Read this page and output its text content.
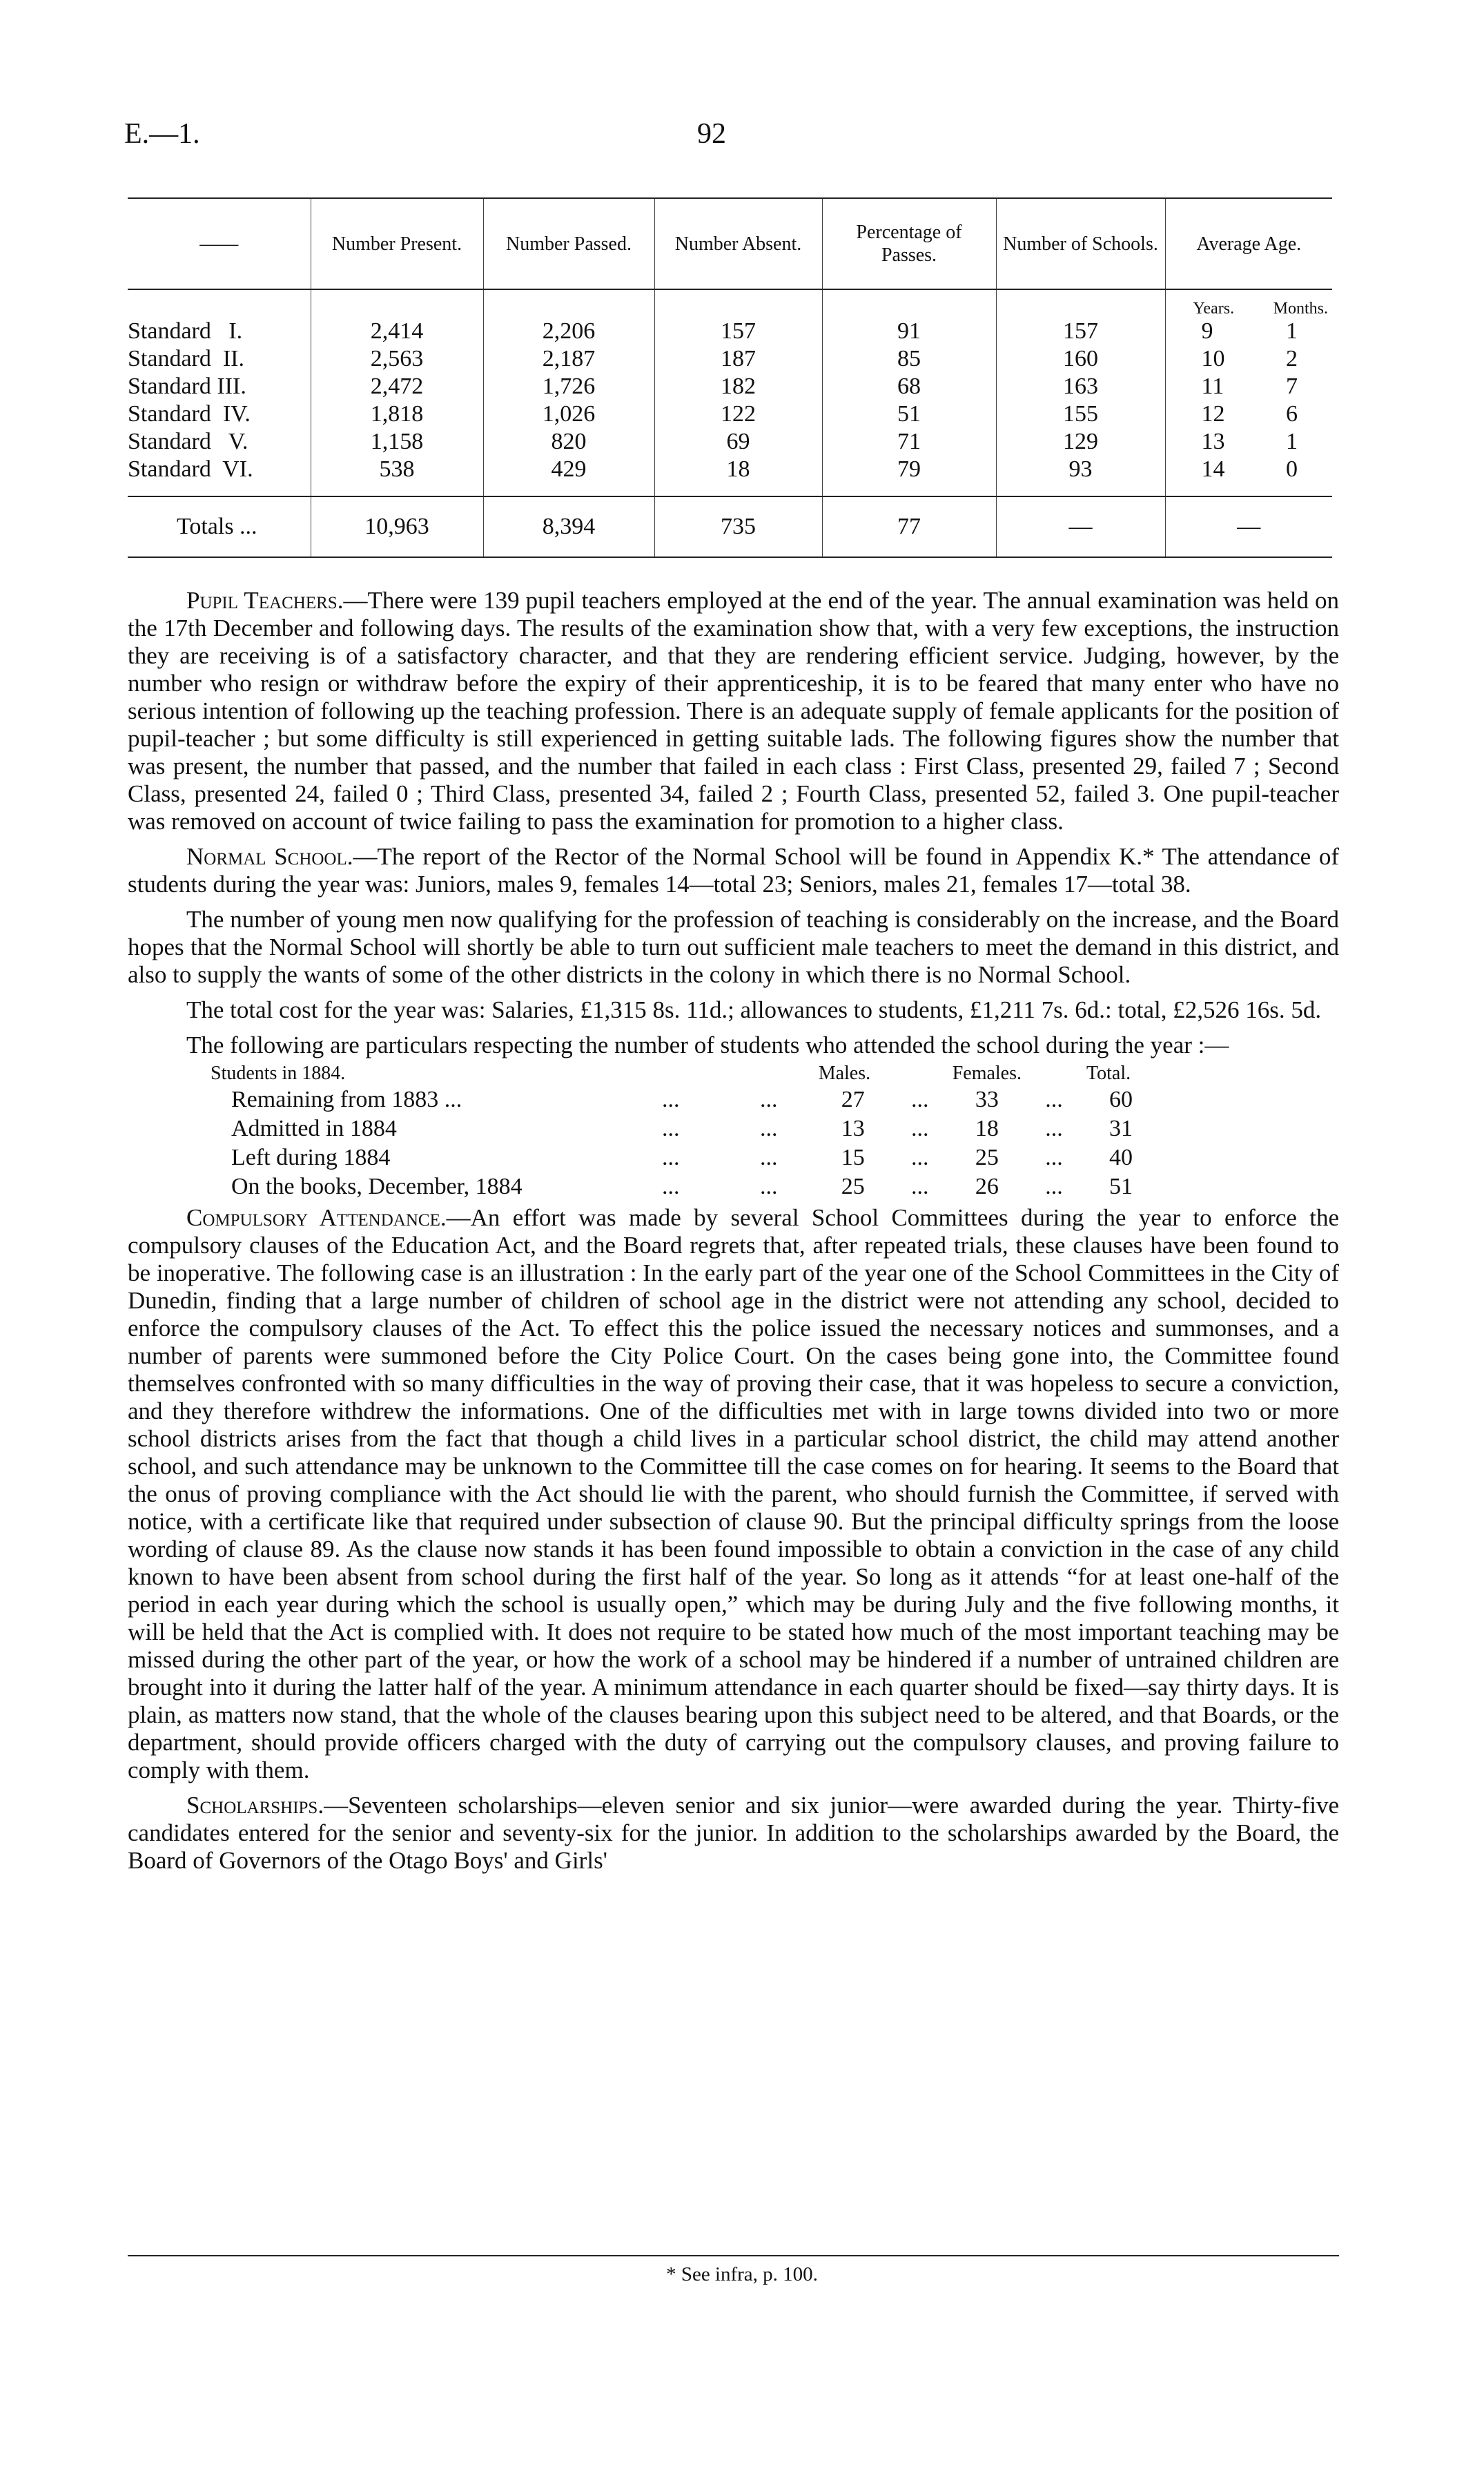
E.—1.	92
——	Number Present.	Number Passed.	Number Absent.	Percentage of Passes.	Number of Schools.	Average Age.

						Years. Months.

Standard   I.	2,414	2,206	157	91	157	9 1

Standard  II.	2,563	2,187	187	85	160	10 2

Standard III.	2,472	1,726	182	68	163	11 7

Standard  IV.	1,818	1,026	122	51	155	12 6

Standard   V.	1,158	820	69	71	129	13 1

Standard  VI.	538	429	18	79	93	14 0

Totals ...	10,963	8,394	735	77	—	—

Pupil Teachers.—There were 139 pupil teachers employed at the end of the year. The annual examination was held on the 17th December and following days. The results of the examination show that, with a very few exceptions, the instruction they are receiving is of a satisfactory character, and that they are rendering efficient service. Judging, however, by the number who resign or withdraw before the expiry of their apprenticeship, it is to be feared that many enter who have no serious intention of following up the teaching profession. There is an adequate supply of female applicants for the position of pupil-teacher ; but some difficulty is still experienced in getting suitable lads. The following figures show the number that was present, the number that passed, and the number that failed in each class : First Class, presented 29, failed 7 ; Second Class, presented 24, failed 0 ; Third Class, presented 34, failed 2 ; Fourth Class, presented 52, failed 3. One pupil-teacher was removed on account of twice failing to pass the examination for promotion to a higher class.

Normal School.—The report of the Rector of the Normal School will be found in Appendix K.* The attendance of students during the year was: Juniors, males 9, females 14—total 23; Seniors, males 21, females 17—total 38.

The number of young men now qualifying for the profession of teaching is considerably on the increase, and the Board hopes that the Normal School will shortly be able to turn out sufficient male teachers to meet the demand in this district, and also to supply the wants of some of the other districts in the colony in which there is no Normal School.

The total cost for the year was: Salaries, £1,315 8s. 11d.; allowances to students, £1,211 7s. 6d.: total, £2,526 16s. 5d.

The following are particulars respecting the number of students who attended the school during the year :—

Students in 1884.			Males.		Females.		Total.
Remaining from 1883 ...	...	...	27	...	33	...	60
Admitted in 1884	...	...	13	...	18	...	31
Left during 1884	...	...	15	...	25	...	40
On the books, December, 1884	...	...	25	...	26	...	51

Compulsory Attendance.—An effort was made by several School Committees during the year to enforce the compulsory clauses of the Education Act, and the Board regrets that, after repeated trials, these clauses have been found to be inoperative. The following case is an illustration : In the early part of the year one of the School Committees in the City of Dunedin, finding that a large number of children of school age in the district were not attending any school, decided to enforce the compulsory clauses of the Act. To effect this the police issued the necessary notices and summonses, and a number of parents were summoned before the City Police Court. On the cases being gone into, the Committee found themselves confronted with so many difficulties in the way of proving their case, that it was hopeless to secure a conviction, and they therefore withdrew the informations. One of the difficulties met with in large towns divided into two or more school districts arises from the fact that though a child lives in a particular school district, the child may attend another school, and such attendance may be unknown to the Committee till the case comes on for hearing. It seems to the Board that the onus of proving compliance with the Act should lie with the parent, who should furnish the Committee, if served with notice, with a certificate like that required under subsection of clause 90. But the principal difficulty springs from the loose wording of clause 89. As the clause now stands it has been found impossible to obtain a conviction in the case of any child known to have been absent from school during the first half of the year. So long as it attends “for at least one-half of the period in each year during which the school is usually open,” which may be during July and the five following months, it will be held that the Act is complied with. It does not require to be stated how much of the most important teaching may be missed during the other part of the year, or how the work of a school may be hindered if a number of untrained children are brought into it during the latter half of the year. A minimum attendance in each quarter should be fixed—say thirty days. It is plain, as matters now stand, that the whole of the clauses bearing upon this subject need to be altered, and that Boards, or the department, should provide officers charged with the duty of carrying out the compulsory clauses, and proving failure to comply with them.

Scholarships.—Seventeen scholarships—eleven senior and six junior—were awarded during the year. Thirty-five candidates entered for the senior and seventy-six for the junior. In addition to the scholarships awarded by the Board, the Board of Governors of the Otago Boys' and Girls'

* See infra, p. 100.
